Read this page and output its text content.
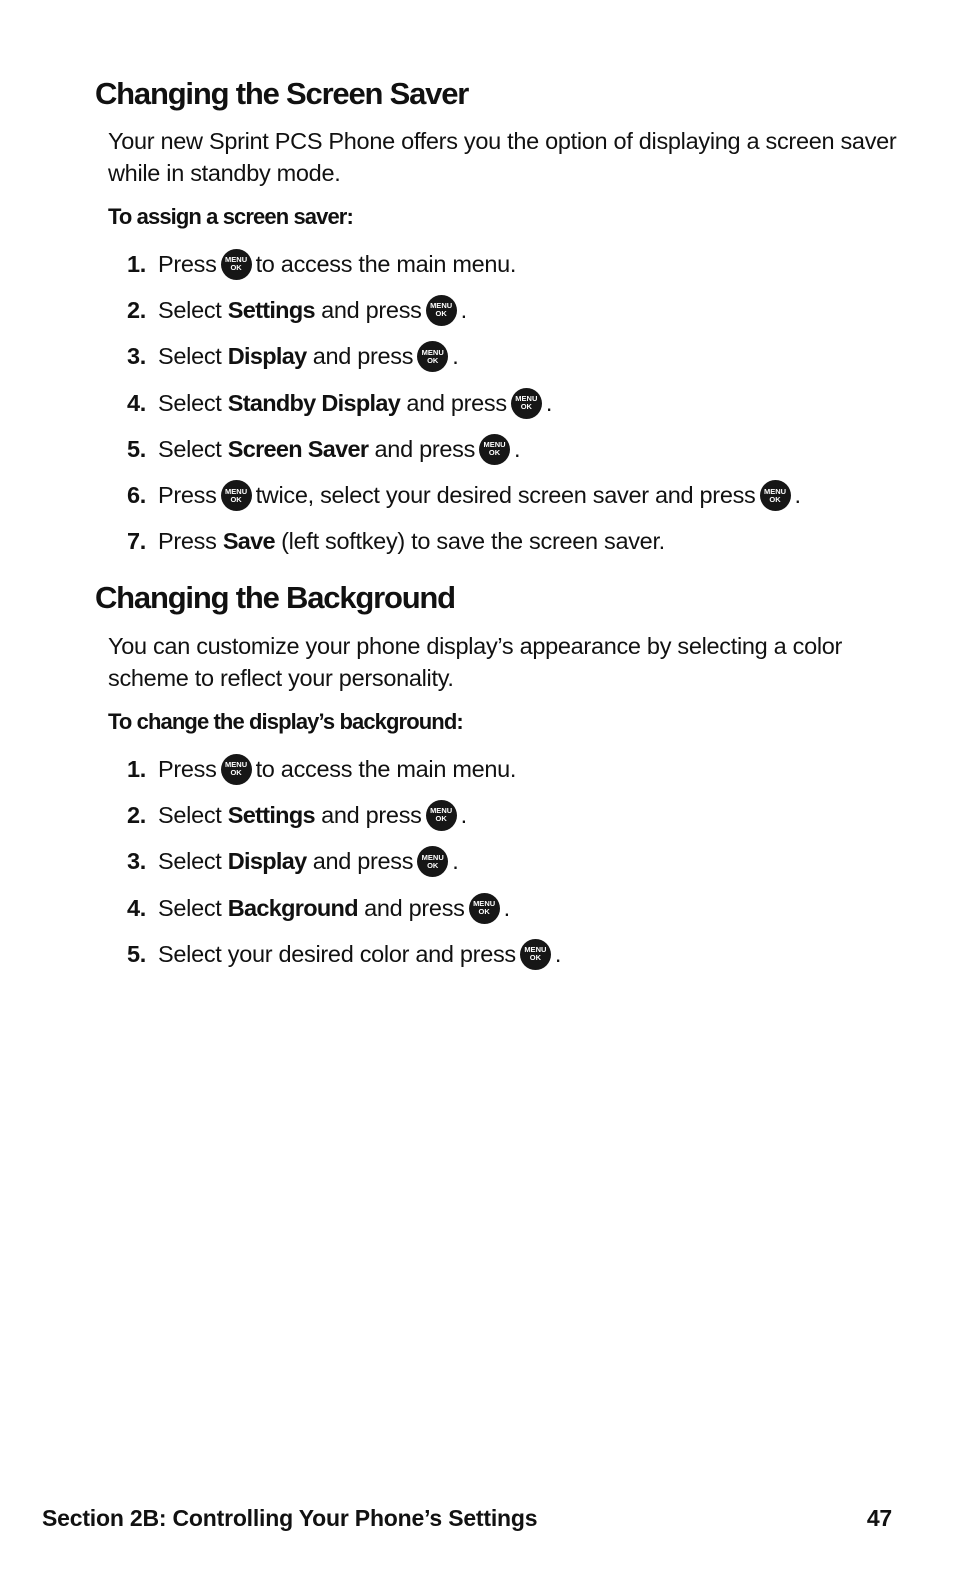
Changing the Screen Saver

Your new Sprint PCS Phone offers you the option of displaying a screen saver while in standby mode.

To assign a screen saver:
1. Press MENU
OK to access the main menu.
2. Select
Settings
and press MENU
OK .
3. Select
Display
and press MENU
OK .
4. Select
Standby Display
and press MENU
OK .
5. Select
Screen Saver
and press MENU
OK .
6. Press MENU
OK twice, select your desired screen saver and press MENU
OK .
7. Press
Save
(left softkey) to save the screen saver.
Changing the Background

You can customize your phone display’s appearance by selecting a color scheme to reflect your personality.

To change the display’s background:
1. Press MENU
OK to access the main menu.
2. Select
Settings
and press MENU
OK .
3. Select
Display
and press MENU
OK .
4. Select
Background
and press MENU
OK .
5. Select your desired color and press MENU
OK .
Section 2B: Controlling Your Phone’s Settings	47
